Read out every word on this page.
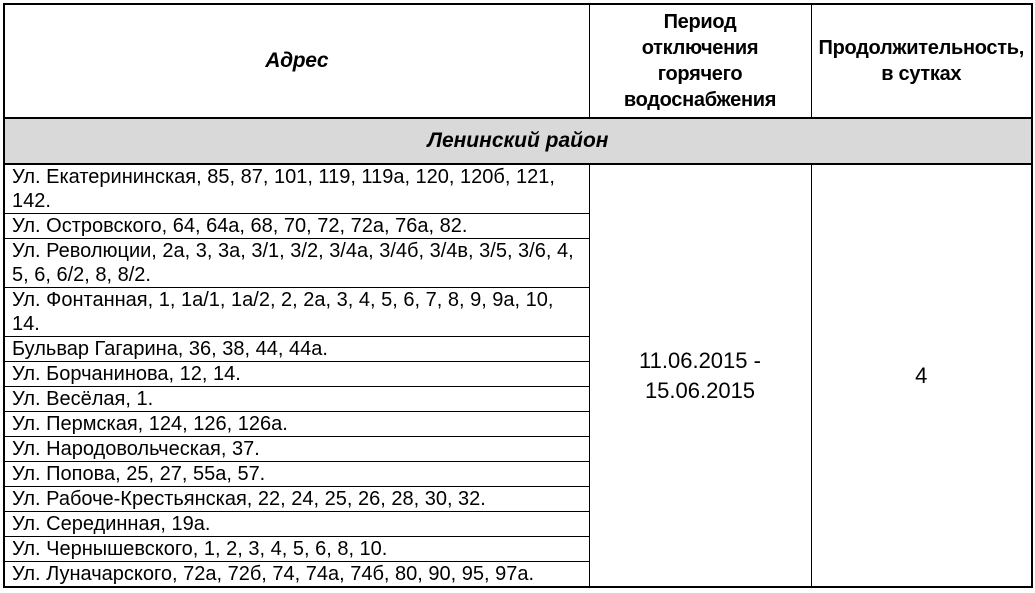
Адрес	Период отключения горячего водоснабжения	Продолжительность, в сутках
Ленинский район		
Ул. Екатерининская, 85, 87, 101, 119, 119а, 120, 120б, 121, 142.	11.06.2015 - 15.06.2015	4
Ул. Островского, 64, 64а, 68, 70, 72, 72а, 76а, 82.		
Ул. Революции, 2а, 3, 3а, 3/1, 3/2, 3/4а, 3/4б, 3/4в, 3/5, 3/6, 4, 5, 6, 6/2, 8, 8/2.		
Ул. Фонтанная, 1, 1а/1, 1а/2, 2, 2а, 3, 4, 5, 6, 7, 8, 9, 9а, 10, 14.		
Бульвар Гагарина, 36, 38, 44, 44а.		
Ул. Борчанинова, 12, 14.		
Ул. Весёлая, 1.		
Ул. Пермская, 124, 126, 126а.		
Ул. Народовольческая, 37.		
Ул. Попова, 25, 27, 55а, 57.		
Ул. Рабоче-Крестьянская, 22, 24, 25, 26, 28, 30, 32.		
Ул. Серединная, 19а.		
Ул. Чернышевского, 1, 2, 3, 4, 5, 6, 8, 10.		
Ул. Луначарского, 72а, 72б, 74, 74а, 74б, 80, 90, 95, 97а.		
